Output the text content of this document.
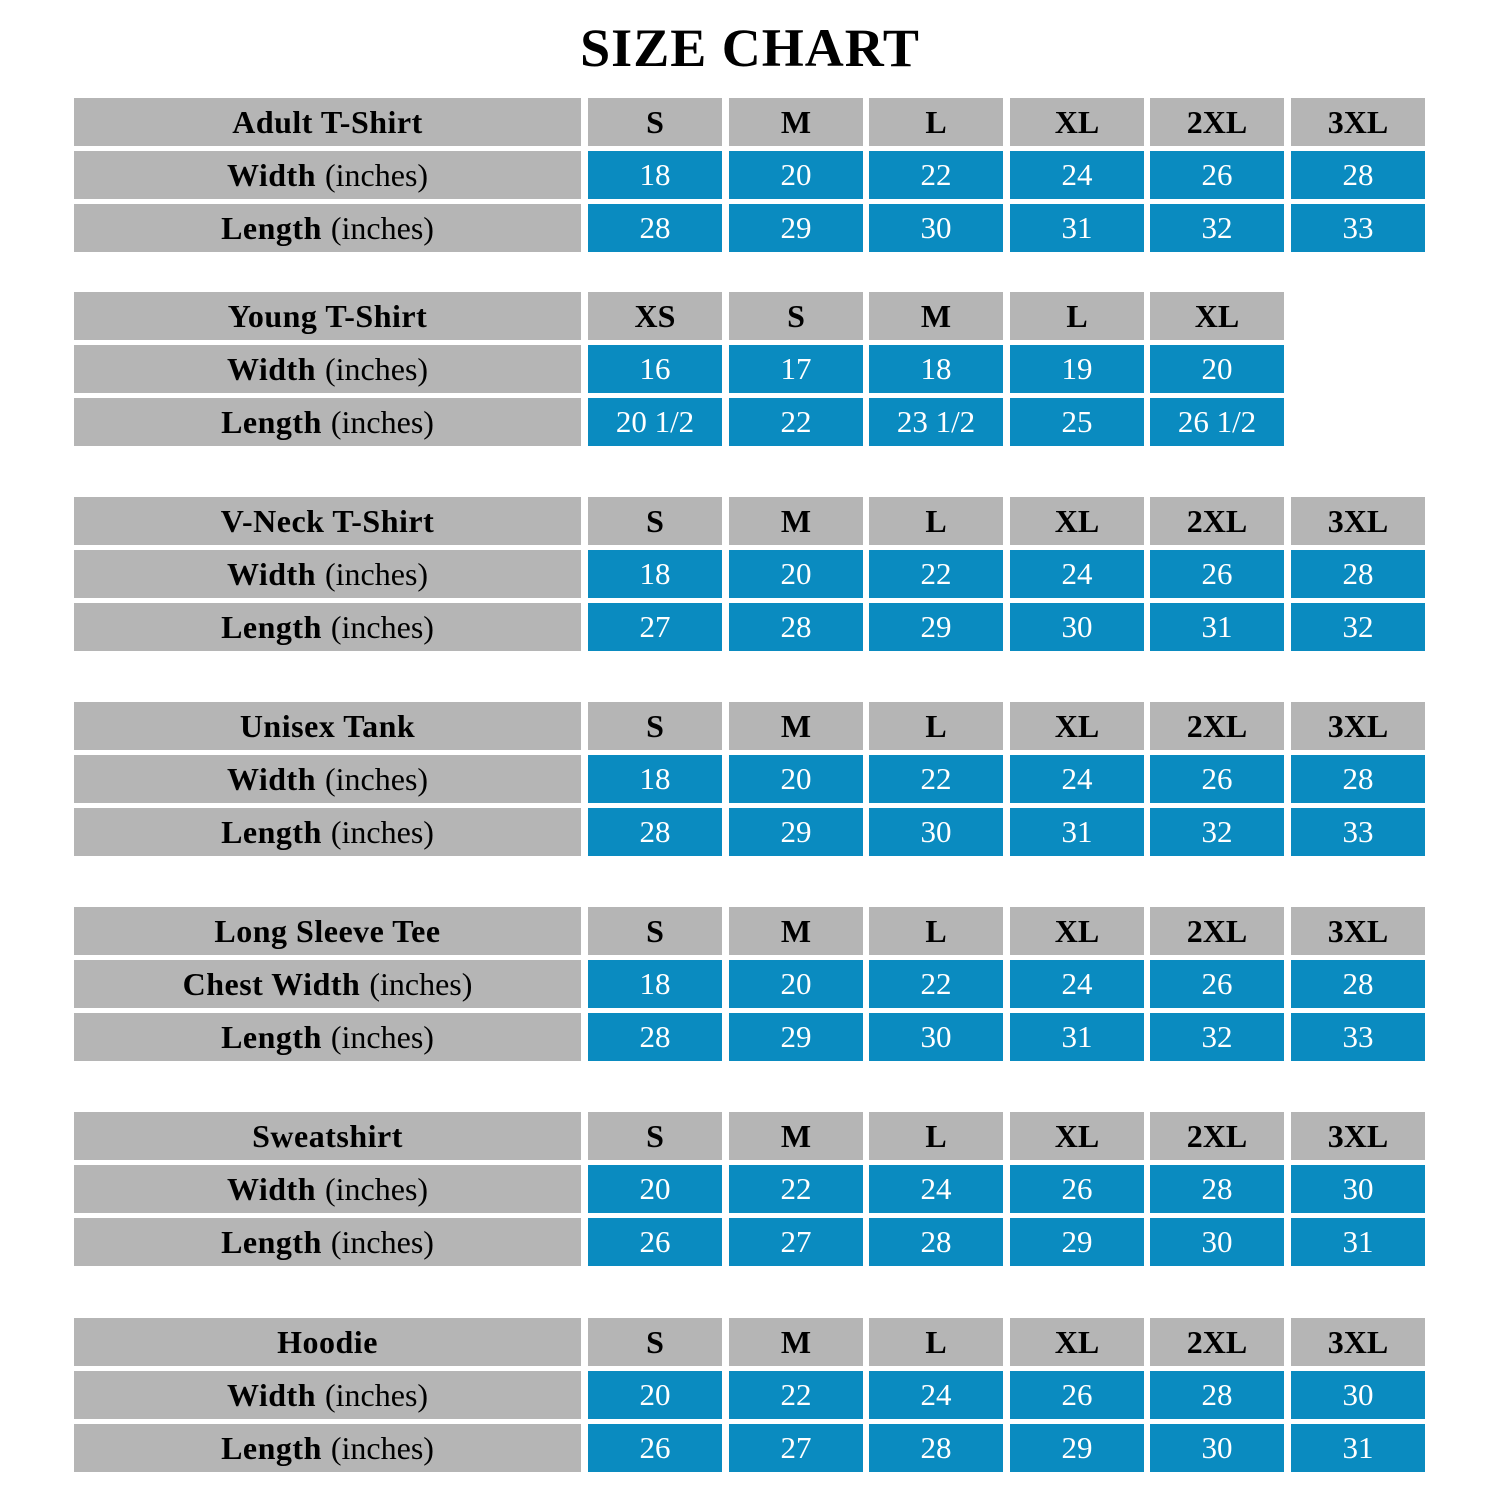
SIZE CHART
Adult T-Shirt	S	M	L	XL	2XL	3XL
Width (inches)	18	20	22	24	26	28
Length (inches)	28	29	30	31	32	33
Young T-Shirt	XS	S	M	L	XL
Width (inches)	16	17	18	19	20
Length (inches)	20 1/2	22	23 1/2	25	26 1/2
V-Neck T-Shirt	S	M	L	XL	2XL	3XL
Width (inches)	18	20	22	24	26	28
Length (inches)	27	28	29	30	31	32
Unisex Tank	S	M	L	XL	2XL	3XL
Width (inches)	18	20	22	24	26	28
Length (inches)	28	29	30	31	32	33
Long Sleeve Tee	S	M	L	XL	2XL	3XL
Chest Width (inches)	18	20	22	24	26	28
Length (inches)	28	29	30	31	32	33
Sweatshirt	S	M	L	XL	2XL	3XL
Width (inches)	20	22	24	26	28	30
Length (inches)	26	27	28	29	30	31
Hoodie	S	M	L	XL	2XL	3XL
Width (inches)	20	22	24	26	28	30
Length (inches)	26	27	28	29	30	31
